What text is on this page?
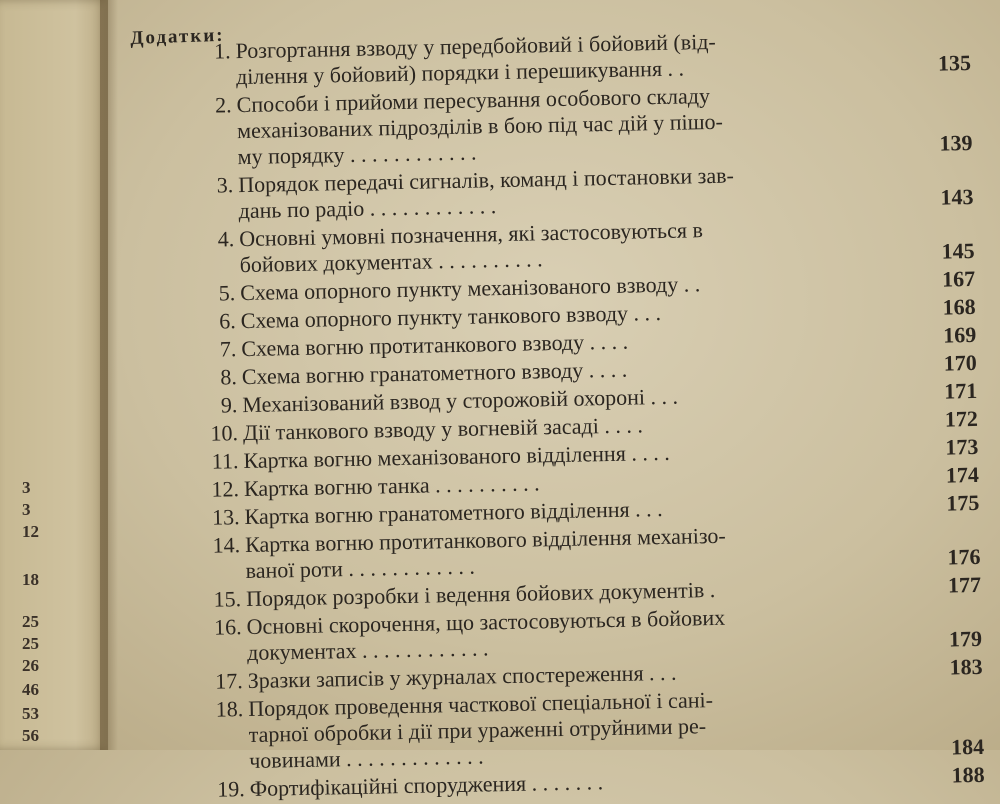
3
3
12
18
25
25
26
46
53
56
Додатки:
1. Розгортання взводу у передбойовий і бойовий (від-
ділення у бойовий) порядки і перешикування . .	135
2. Способи і прийоми пересування особового складу
механізованих підрозділів в бою під час дій у пішо-
му порядку . . . . . . . . . . . .	139
3. Порядок передачі сигналів, команд і постановки зав-
дань по радіо . . . . . . . . . . . .	143
4. Основні умовні позначення, які застосовуються в
бойових документах . . . . . . . . . .	145
5. Схема опорного пункту механізованого взводу . .	167
6. Схема опорного пункту танкового взводу . . .	168
7. Схема вогню протитанкового взводу . . . .	169
8. Схема вогню гранатометного взводу . . . .	170
9. Механізований взвод у сторожовій охороні . . .	171
10. Дії танкового взводу у вогневій засаді . . . .	172
11. Картка вогню механізованого відділення . . . .	173
12. Картка вогню танка . . . . . . . . . .	174
13. Картка вогню гранатометного відділення . . .	175
14. Картка вогню протитанкового відділення механізо-
ваної роти . . . . . . . . . . . .	176
15. Порядок розробки і ведення бойових документів .	177
16. Основні скорочення, що застосовуються в бойових
документах . . . . . . . . . . . .	179
17. Зразки записів у журналах спостереження . . .	183
18. Порядок проведення часткової спеціальної і сані-
тарної обробки і дії при ураженні отруйними ре-
човинами . . . . . . . . . . . . .	184
19. Фортифікаційні споруджения . . . . . . .	188
